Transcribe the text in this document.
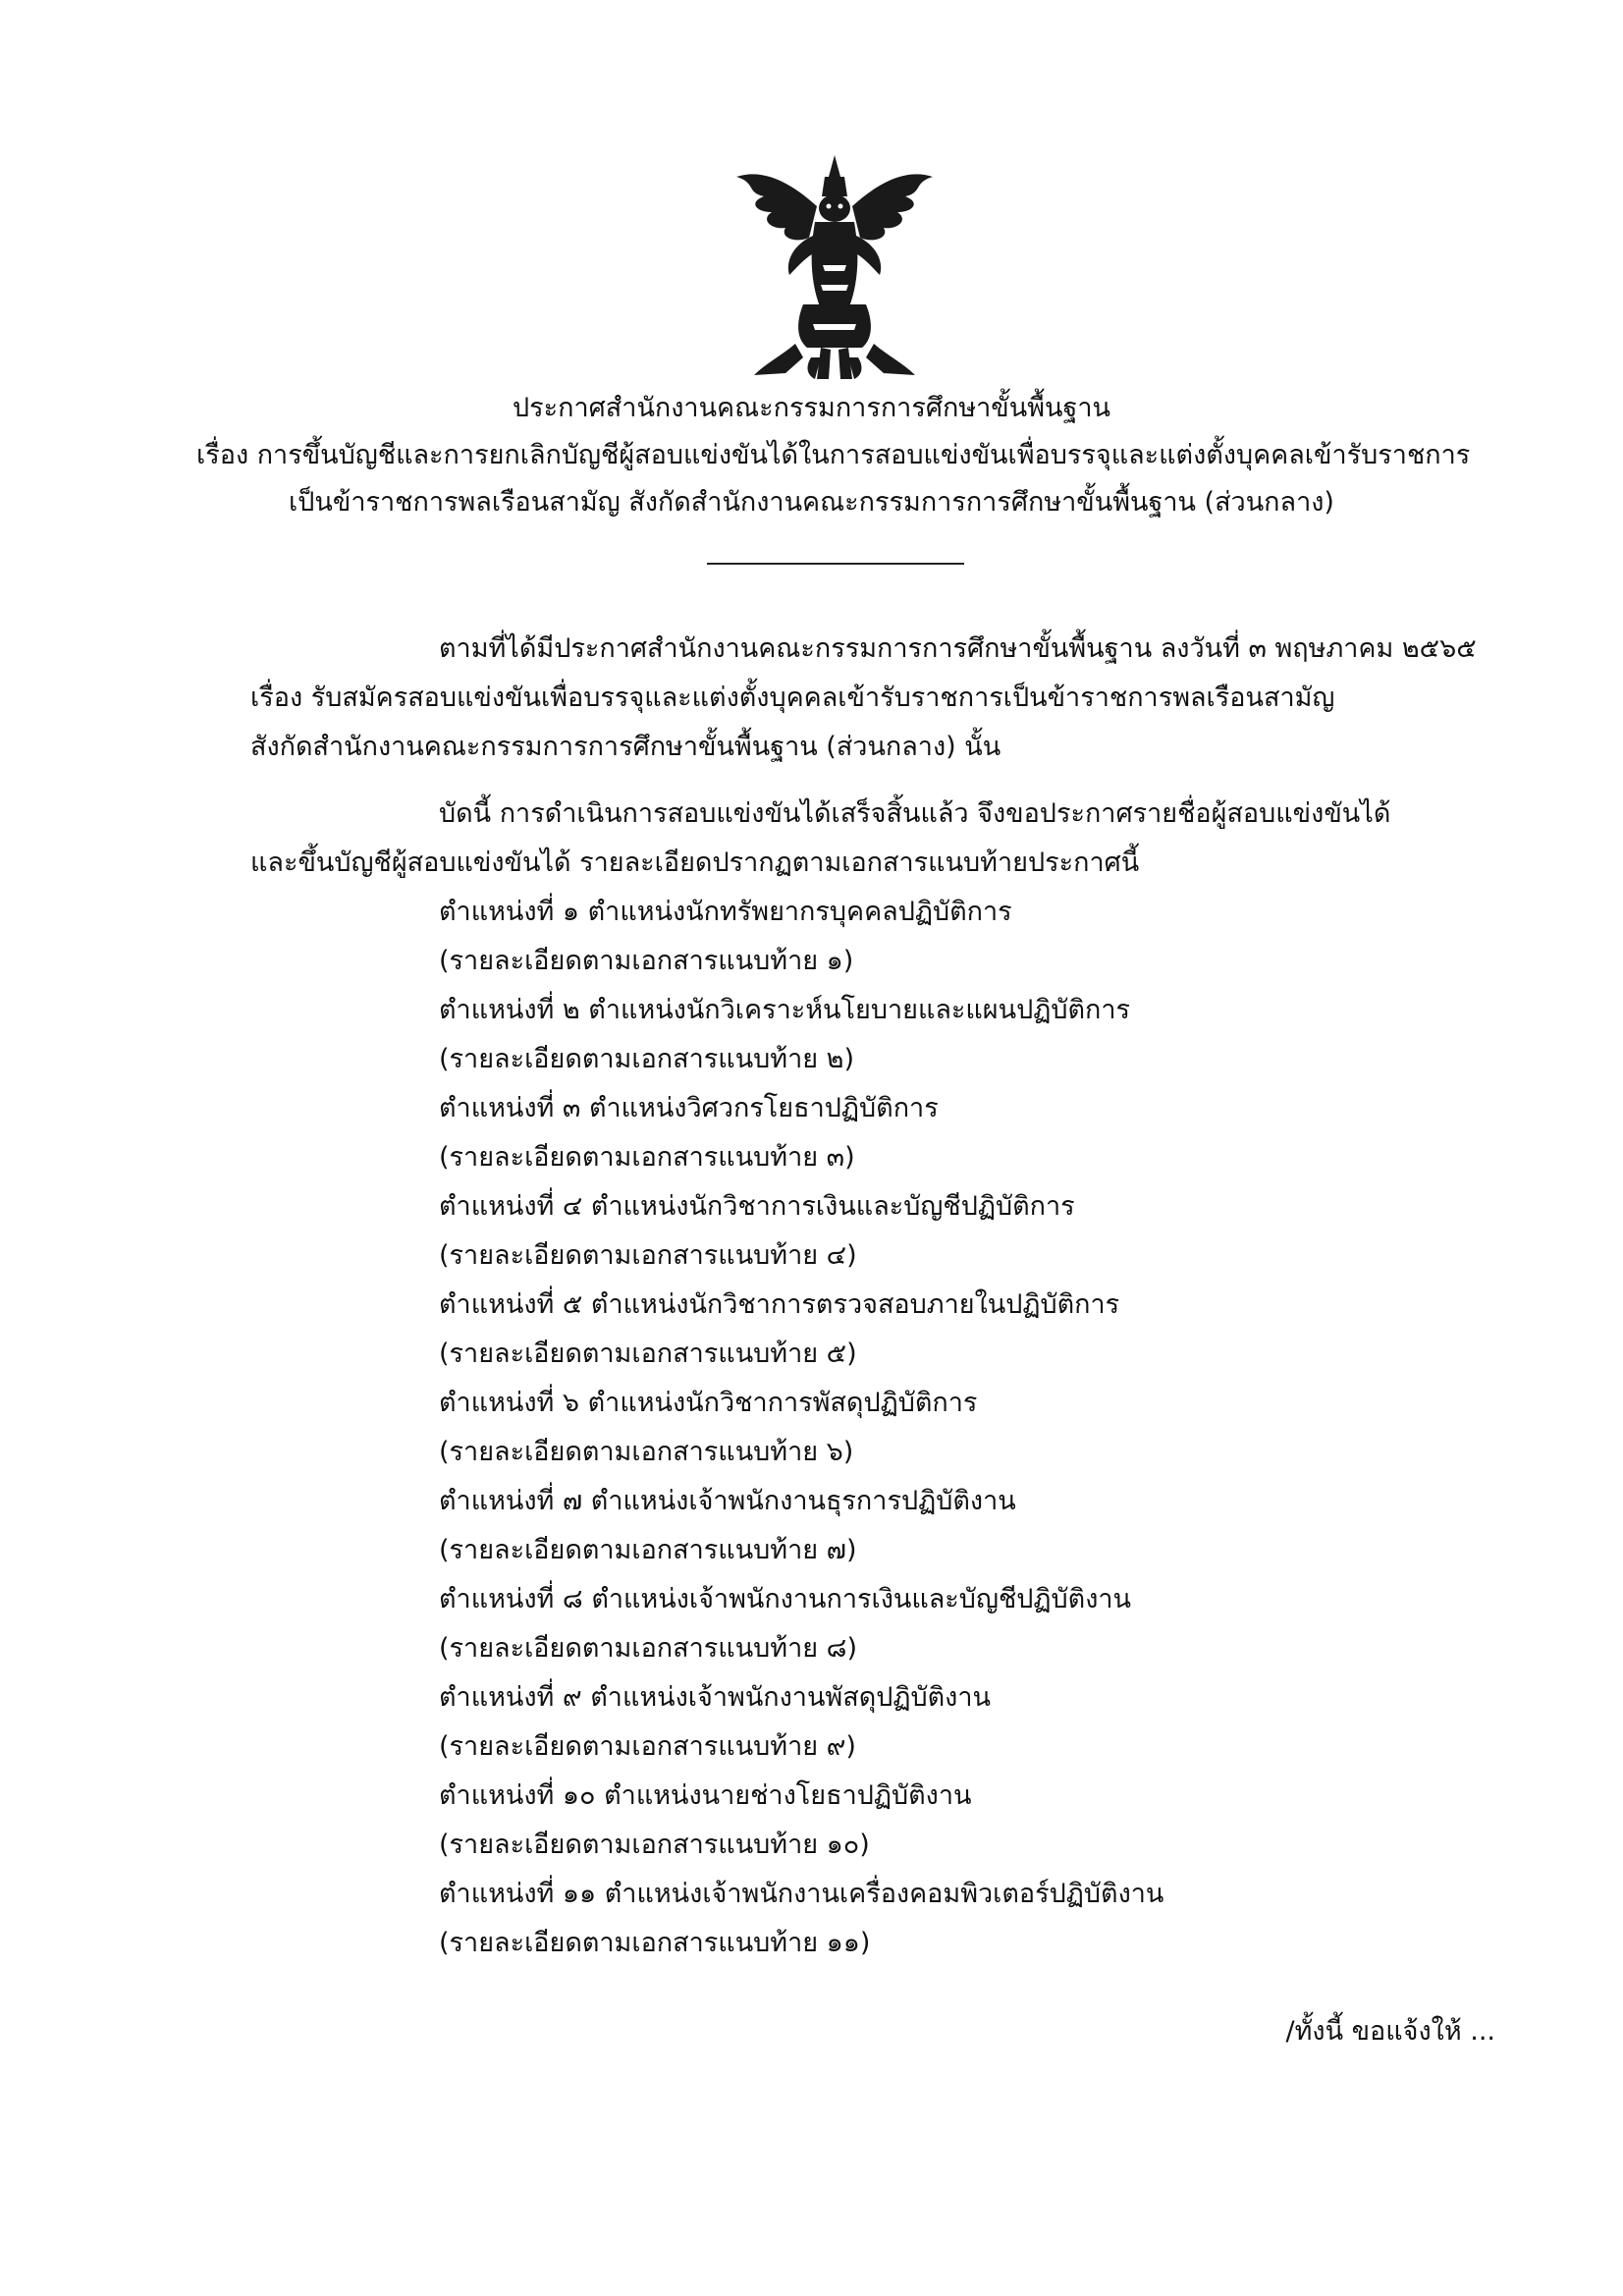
ประกาศสำนักงานคณะกรรมการการศึกษาขั้นพื้นฐาน
เรื่อง การขึ้นบัญชีและการยกเลิกบัญชีผู้สอบแข่งขันได้ในการสอบแข่งขันเพื่อบรรจุและแต่งตั้งบุคคลเข้ารับราชการ
เป็นข้าราชการพลเรือนสามัญ สังกัดสำนักงานคณะกรรมการการศึกษาขั้นพื้นฐาน (ส่วนกลาง)
ตามที่ได้มีประกาศสำนักงานคณะกรรมการการศึกษาขั้นพื้นฐาน ลงวันที่ ๓ พฤษภาคม ๒๕๖๕
เรื่อง รับสมัครสอบแข่งขันเพื่อบรรจุและแต่งตั้งบุคคลเข้ารับราชการเป็นข้าราชการพลเรือนสามัญ
สังกัดสำนักงานคณะกรรมการการศึกษาขั้นพื้นฐาน (ส่วนกลาง) นั้น
บัดนี้ การดำเนินการสอบแข่งขันได้เสร็จสิ้นแล้ว จึงขอประกาศรายชื่อผู้สอบแข่งขันได้
และขึ้นบัญชีผู้สอบแข่งขันได้ รายละเอียดปรากฏตามเอกสารแนบท้ายประกาศนี้
ตำแหน่งที่ ๑ ตำแหน่งนักทรัพยากรบุคคลปฏิบัติการ
(รายละเอียดตามเอกสารแนบท้าย ๑)
ตำแหน่งที่ ๒ ตำแหน่งนักวิเคราะห์นโยบายและแผนปฏิบัติการ
(รายละเอียดตามเอกสารแนบท้าย ๒)
ตำแหน่งที่ ๓ ตำแหน่งวิศวกรโยธาปฏิบัติการ
(รายละเอียดตามเอกสารแนบท้าย ๓)
ตำแหน่งที่ ๔ ตำแหน่งนักวิชาการเงินและบัญชีปฏิบัติการ
(รายละเอียดตามเอกสารแนบท้าย ๔)
ตำแหน่งที่ ๕ ตำแหน่งนักวิชาการตรวจสอบภายในปฏิบัติการ
(รายละเอียดตามเอกสารแนบท้าย ๕)
ตำแหน่งที่ ๖ ตำแหน่งนักวิชาการพัสดุปฏิบัติการ
(รายละเอียดตามเอกสารแนบท้าย ๖)
ตำแหน่งที่ ๗ ตำแหน่งเจ้าพนักงานธุรการปฏิบัติงาน
(รายละเอียดตามเอกสารแนบท้าย ๗)
ตำแหน่งที่ ๘ ตำแหน่งเจ้าพนักงานการเงินและบัญชีปฏิบัติงาน
(รายละเอียดตามเอกสารแนบท้าย ๘)
ตำแหน่งที่ ๙ ตำแหน่งเจ้าพนักงานพัสดุปฏิบัติงาน
(รายละเอียดตามเอกสารแนบท้าย ๙)
ตำแหน่งที่ ๑๐ ตำแหน่งนายช่างโยธาปฏิบัติงาน
(รายละเอียดตามเอกสารแนบท้าย ๑๐)
ตำแหน่งที่ ๑๑ ตำแหน่งเจ้าพนักงานเครื่องคอมพิวเตอร์ปฏิบัติงาน
(รายละเอียดตามเอกสารแนบท้าย ๑๑)
/ทั้งนี้ ขอแจ้งให้ ...
